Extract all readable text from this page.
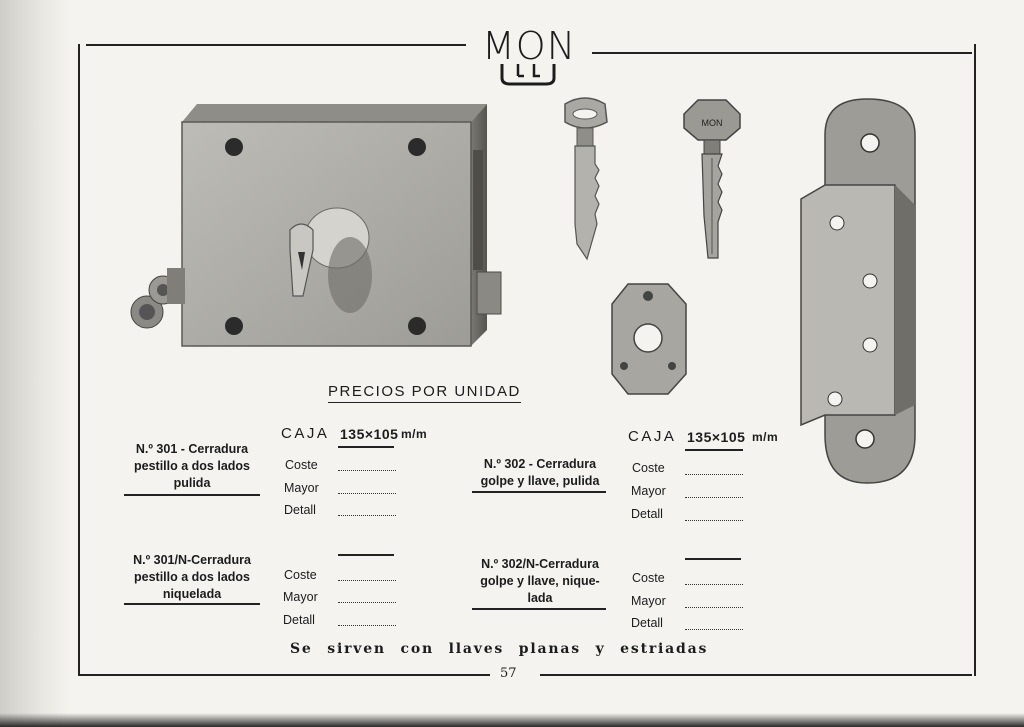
MON
MON
PRECIOS POR UNIDAD
N.º 301 - Cerradura
pestillo a dos lados
pulida
CAJA 135×105 m/m
Coste
Mayor
Detall
N.º 301/N-Cerradura
pestillo a dos lados
niquelada
Coste
Mayor
Detall
N.º 302 - Cerradura
golpe y llave, pulida
CAJA 135×105 m/m
Coste
Mayor
Detall
N.º 302/N-Cerradura
golpe y llave, nique-
lada
Coste
Mayor
Detall
Se sirven con llaves planas y estriadas
57
